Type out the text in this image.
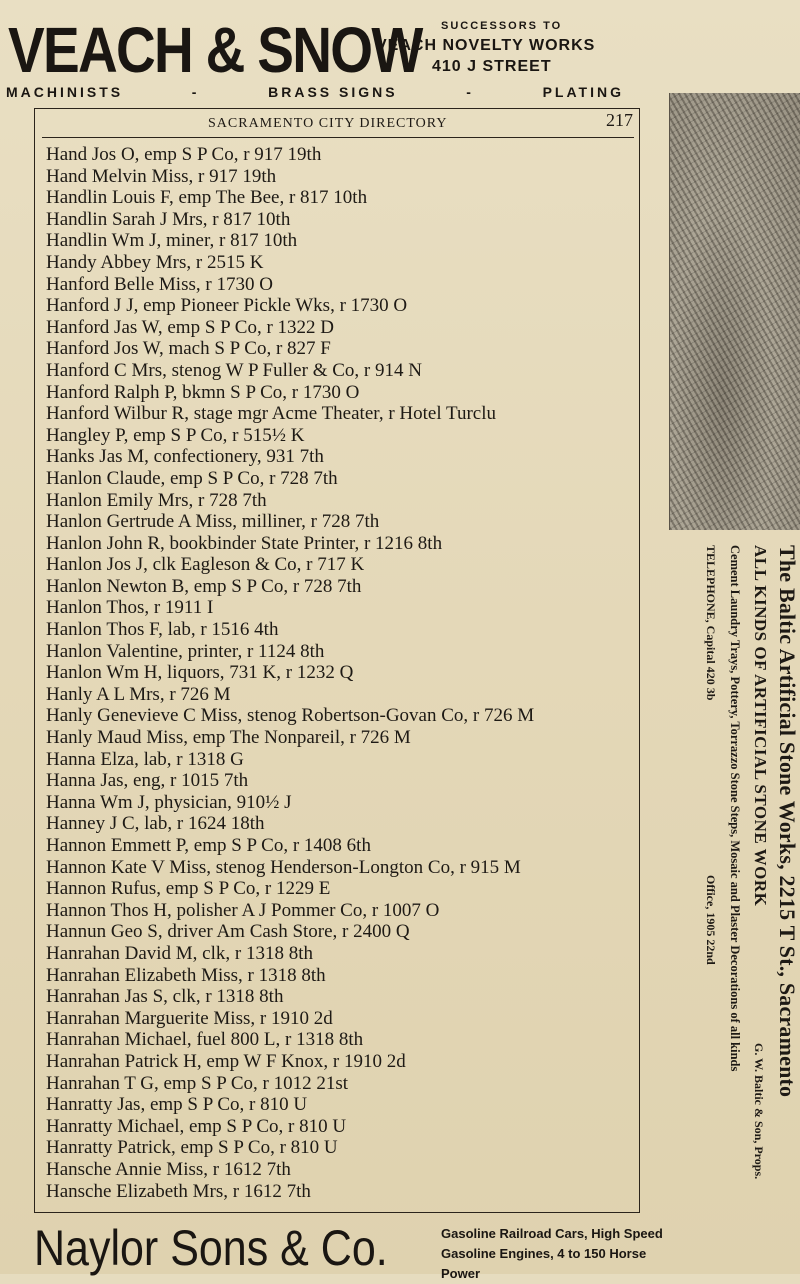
VEACH & SNOW SUCCESSORS TO
VEACH NOVELTY WORKS
410 J STREET
MACHINISTS	-	BRASS SIGNS	-	PLATING
SACRAMENTO CITY DIRECTORY	217
Hand Jos O, emp S P Co, r 917 19th
Hand Melvin Miss, r 917 19th
Handlin Louis F, emp The Bee, r 817 10th
Handlin Sarah J Mrs, r 817 10th
Handlin Wm J, miner, r 817 10th
Handy Abbey Mrs, r 2515 K
Hanford Belle Miss, r 1730 O
Hanford J J, emp Pioneer Pickle Wks, r 1730 O
Hanford Jas W, emp S P Co, r 1322 D
Hanford Jos W, mach S P Co, r 827 F
Hanford C Mrs, stenog W P Fuller & Co, r 914 N
Hanford Ralph P, bkmn S P Co, r 1730 O
Hanford Wilbur R, stage mgr Acme Theater, r Hotel Turclu
Hangley P, emp S P Co, r 515½ K
Hanks Jas M, confectionery, 931 7th
Hanlon Claude, emp S P Co, r 728 7th
Hanlon Emily Mrs, r 728 7th
Hanlon Gertrude A Miss, milliner, r 728 7th
Hanlon John R, bookbinder State Printer, r 1216 8th
Hanlon Jos J, clk Eagleson & Co, r 717 K
Hanlon Newton B, emp S P Co, r 728 7th
Hanlon Thos, r 1911 I
Hanlon Thos F, lab, r 1516 4th
Hanlon Valentine, printer, r 1124 8th
Hanlon Wm H, liquors, 731 K, r 1232 Q
Hanly A L Mrs, r 726 M
Hanly Genevieve C Miss, stenog Robertson-Govan Co, r 726 M
Hanly Maud Miss, emp The Nonpareil, r 726 M
Hanna Elza, lab, r 1318 G
Hanna Jas, eng, r 1015 7th
Hanna Wm J, physician, 910½ J
Hanney J C, lab, r 1624 18th
Hannon Emmett P, emp S P Co, r 1408 6th
Hannon Kate V Miss, stenog Henderson-Longton Co, r 915 M
Hannon Rufus, emp S P Co, r 1229 E
Hannon Thos H, polisher A J Pommer Co, r 1007 O
Hannun Geo S, driver Am Cash Store, r 2400 Q
Hanrahan David M, clk, r 1318 8th
Hanrahan Elizabeth Miss, r 1318 8th
Hanrahan Jas S, clk, r 1318 8th
Hanrahan Marguerite Miss, r 1910 2d
Hanrahan Michael, fuel 800 L, r 1318 8th
Hanrahan Patrick H, emp W F Knox, r 1910 2d
Hanrahan T G, emp S P Co, r 1012 21st
Hanratty Jas, emp S P Co, r 810 U
Hanratty Michael, emp S P Co, r 810 U
Hanratty Patrick, emp S P Co, r 810 U
Hansche Annie Miss, r 1612 7th
Hansche Elizabeth Mrs, r 1612 7th
The Baltic Artificial Stone Works, 2215 T St., Sacramento
ALL KINDS OF ARTIFICIAL STONE WORK
G. W. Baltic & Son, Props.
Cement Laundry Trays, Pottery, Torrazzo Stone Steps, Mosaic and Plaster Decorations of all kinds
TELEPHONE, Capital 420 3b
Office, 1905 22nd
Naylor Sons & Co.	Gasoline Railroad Cars, High Speed Gasoline Engines, 4 to 150 Horse Power
